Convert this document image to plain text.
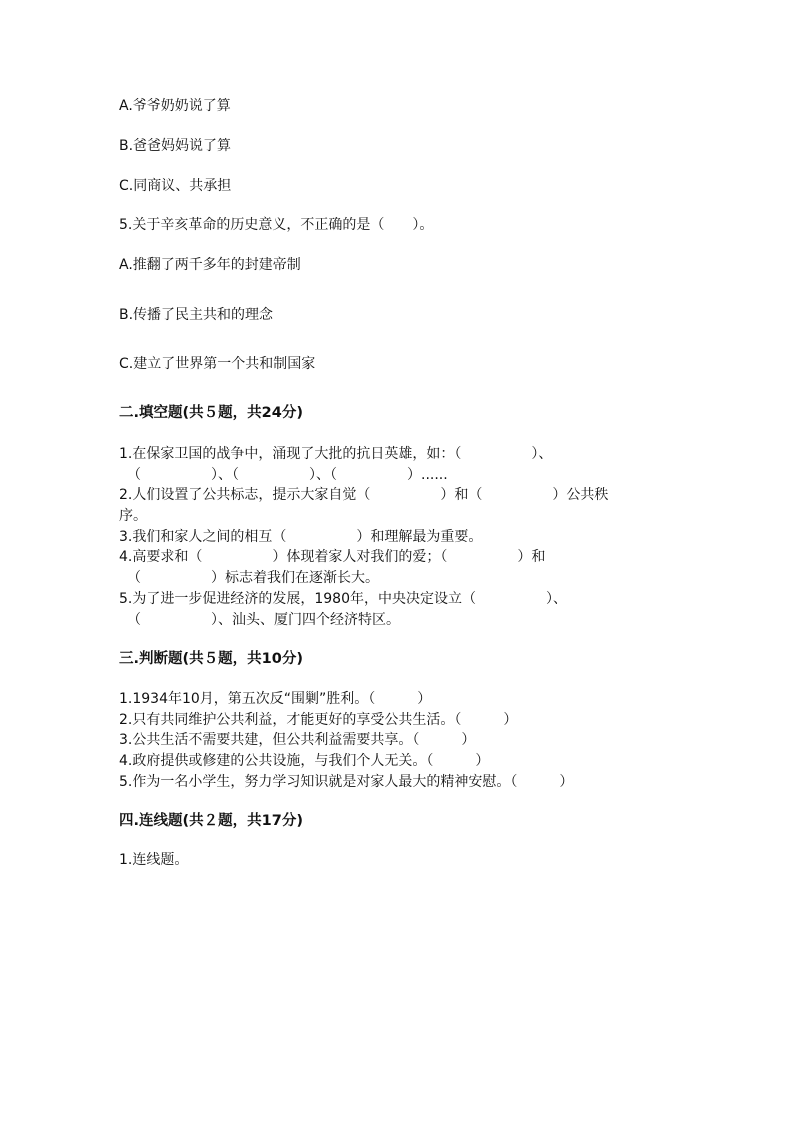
A.爷爷奶奶说了算
B.爸爸妈妈说了算
C.同商议、共承担
5.关于辛亥革命的历史意义，不正确的是（　　）。
A.推翻了两千多年的封建帝制
B.传播了民主共和的理念
C.建立了世界第一个共和制国家
二.填空题(共５题，共24分)
1.在保家卫国的战争中，涌现了大批的抗日英雄，如：（　　　　　）、
（　　　　　）、（　　　　　）、（　　　　　）......
2.人们设置了公共标志，提示大家自觉（　　　　　）和（　　　　　）公共秩
序。
3.我们和家人之间的相互（　　　　　）和理解最为重要。
4.高要求和（　　　　　）体现着家人对我们的爱；（　　　　　）和
（　　　　　）标志着我们在逐渐长大。
5.为了进一步促进经济的发展，1980年，中央决定设立（　　　　　）、
（　　　　　）、汕头、厦门四个经济特区。
三.判断题(共５题，共10分)
1.1934年10月，第五次反“围剿”胜利。（　　　）
2.只有共同维护公共利益，才能更好的享受公共生活。（　　　）
3.公共生活不需要共建，但公共利益需要共享。（　　　）
4.政府提供或修建的公共设施，与我们个人无关。（　　　）
5.作为一名小学生，努力学习知识就是对家人最大的精神安慰。（　　　）
四.连线题(共２题，共17分)
1.连线题。
